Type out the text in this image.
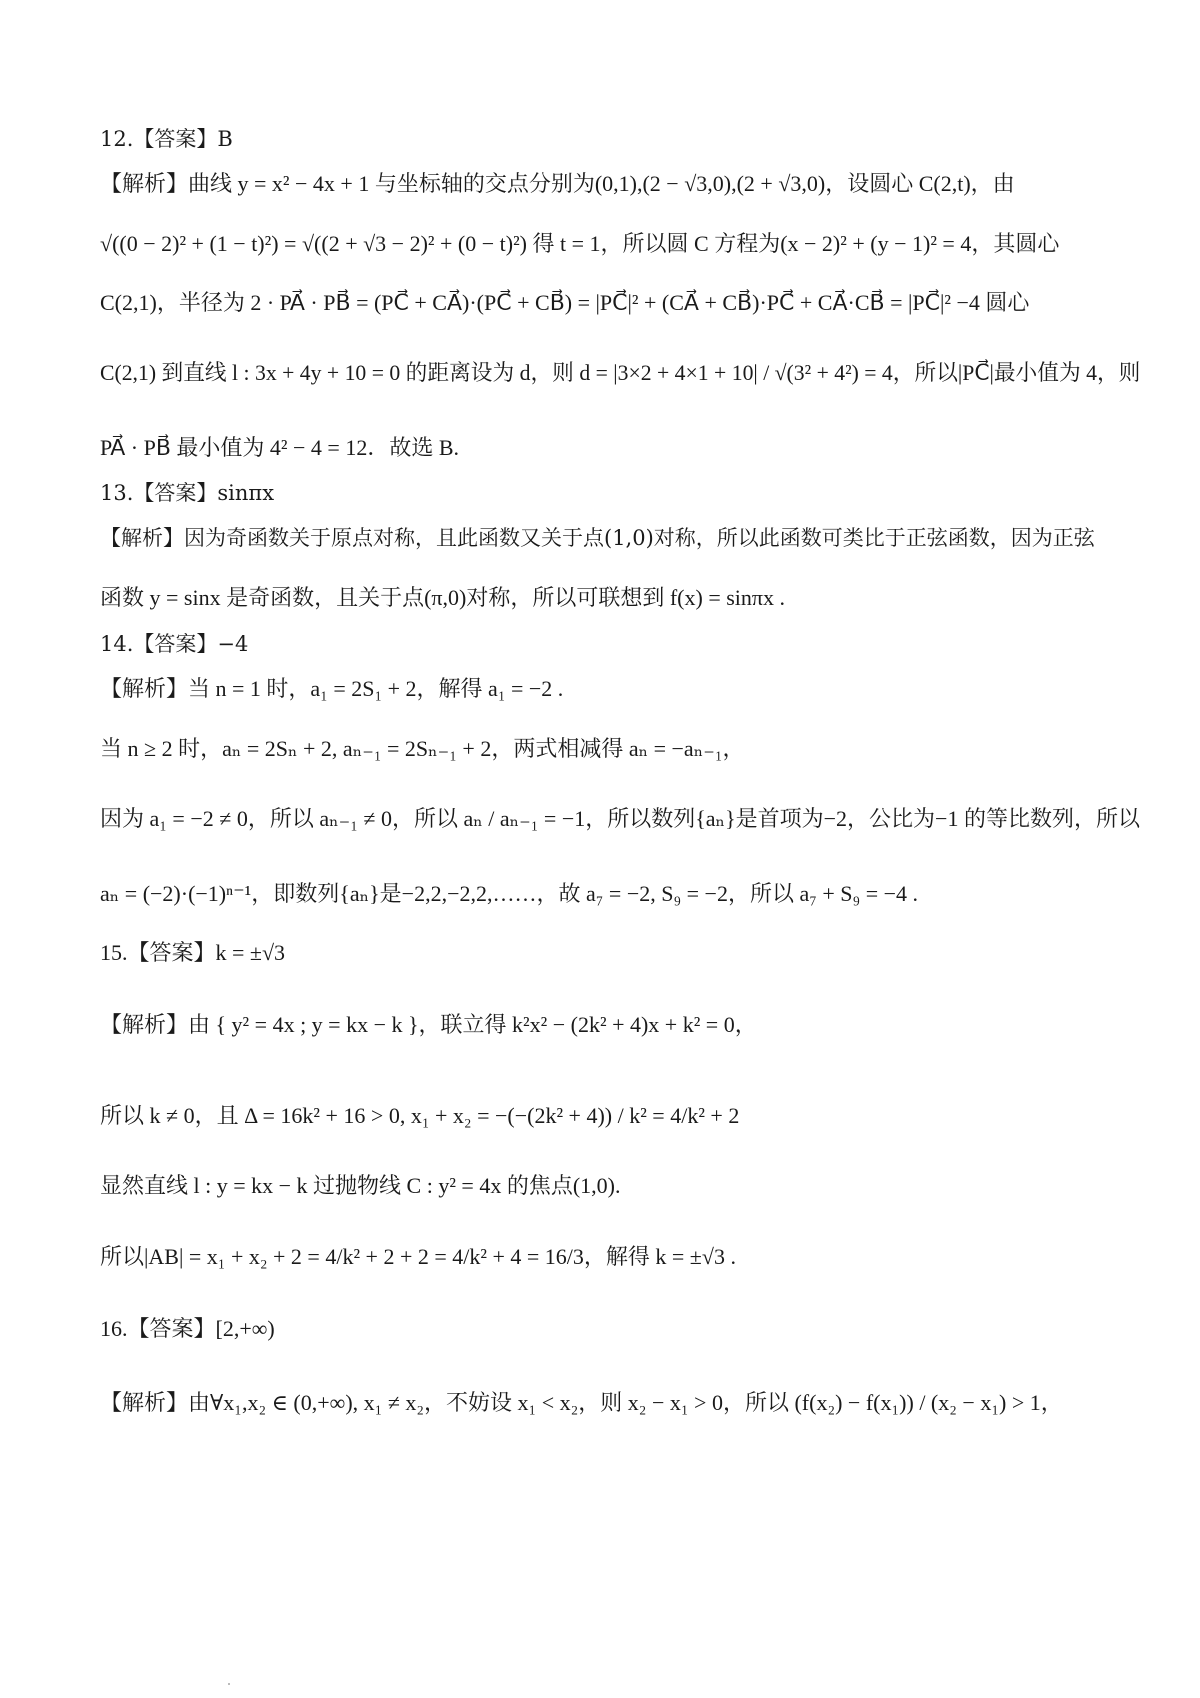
12.【答案】B
【解析】曲线 y = x² − 4x + 1 与坐标轴的交点分别为(0,1),(2 − √3,0),(2 + √3,0)，设圆心 C(2,t)，由
√((0 − 2)² + (1 − t)²) = √((2 + √3 − 2)² + (0 − t)²) 得 t = 1，所以圆 C 方程为(x − 2)² + (y − 1)² = 4，其圆心
C(2,1)，半径为 2 · PA⃗ · PB⃗ = (PC⃗ + CA⃗)·(PC⃗ + CB⃗) = |PC⃗|² + (CA⃗ + CB⃗)·PC⃗ + CA⃗·CB⃗ = |PC⃗|² −4 圆心
C(2,1) 到直线 l : 3x + 4y + 10 = 0 的距离设为 d，则 d = |3×2 + 4×1 + 10| / √(3² + 4²) = 4，所以|PC⃗|最小值为 4，则
PA⃗ · PB⃗ 最小值为 4² − 4 = 12．故选 B.
13.【答案】sinπx
【解析】因为奇函数关于原点对称，且此函数又关于点(1,0)对称，所以此函数可类比于正弦函数，因为正弦
函数 y = sinx 是奇函数，且关于点(π,0)对称，所以可联想到 f(x) = sinπx .
14.【答案】−4
【解析】当 n = 1 时，a₁ = 2S₁ + 2，解得 a₁ = −2 .
当 n ≥ 2 时，aₙ = 2Sₙ + 2, aₙ₋₁ = 2Sₙ₋₁ + 2，两式相减得 aₙ = −aₙ₋₁，
因为 a₁ = −2 ≠ 0，所以 aₙ₋₁ ≠ 0，所以 aₙ / aₙ₋₁ = −1，所以数列{aₙ}是首项为−2，公比为−1 的等比数列，所以
aₙ = (−2)·(−1)ⁿ⁻¹，即数列{aₙ}是−2,2,−2,2,……，故 a₇ = −2, S₉ = −2，所以 a₇ + S₉ = −4 .
15.【答案】k = ±√3
【解析】由 { y² = 4x ; y = kx − k }，联立得 k²x² − (2k² + 4)x + k² = 0，
所以 k ≠ 0，且 Δ = 16k² + 16 > 0, x₁ + x₂ = −(−(2k² + 4)) / k² = 4/k² + 2
显然直线 l : y = kx − k 过抛物线 C : y² = 4x 的焦点(1,0).
所以|AB| = x₁ + x₂ + 2 = 4/k² + 2 + 2 = 4/k² + 4 = 16/3，解得 k = ±√3 .
16.【答案】[2,+∞)
【解析】由∀x₁,x₂ ∈ (0,+∞), x₁ ≠ x₂，不妨设 x₁ < x₂，则 x₂ − x₁ > 0，所以 (f(x₂) − f(x₁)) / (x₂ − x₁) > 1，
